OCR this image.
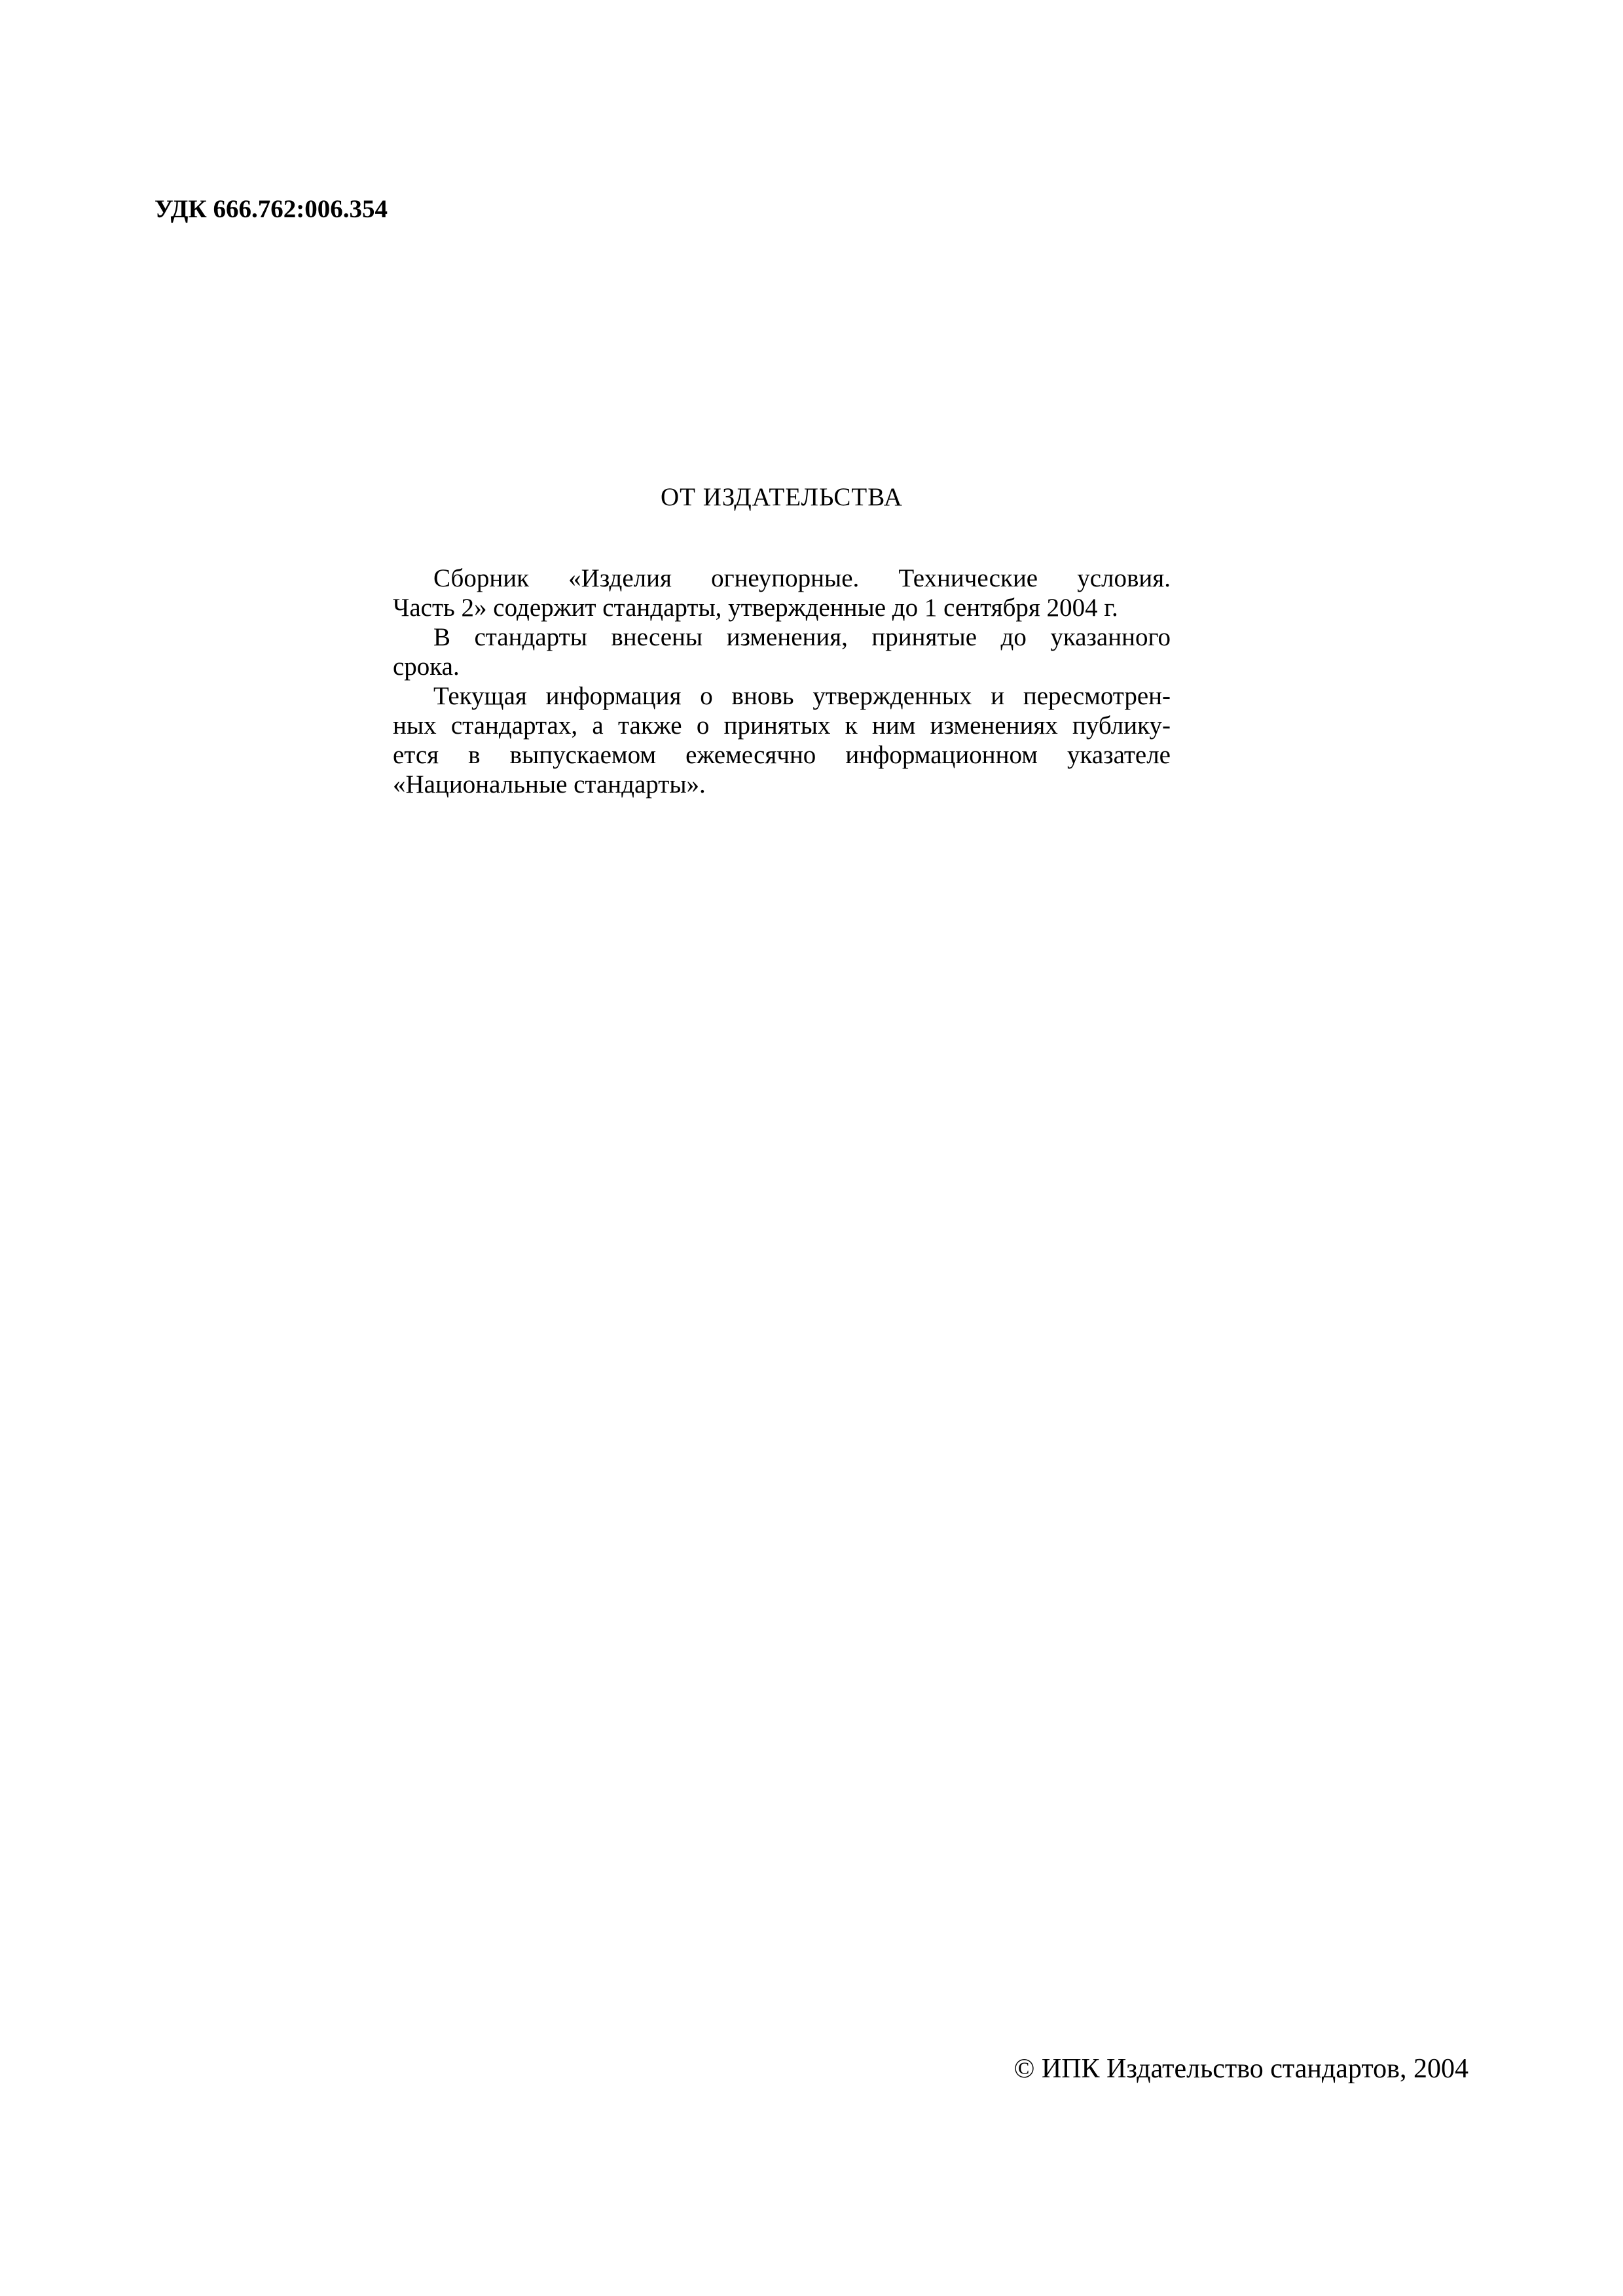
УДК 666.762:006.354
ОТ ИЗДАТЕЛЬСТВА
Сборник «Изделия огнеупорные. Технические условия.
Часть 2» содержит стандарты, утвержденные до 1 сентября 2004 г.
В стандарты внесены изменения, принятые до указанного
срока.
Текущая информация о вновь утвержденных и пересмотрен-
ных стандартах, а также о принятых к ним изменениях публику-
ется в выпускаемом ежемесячно информационном указателе
«Национальные стандарты».
© ИПК Издательство стандартов, 2004
